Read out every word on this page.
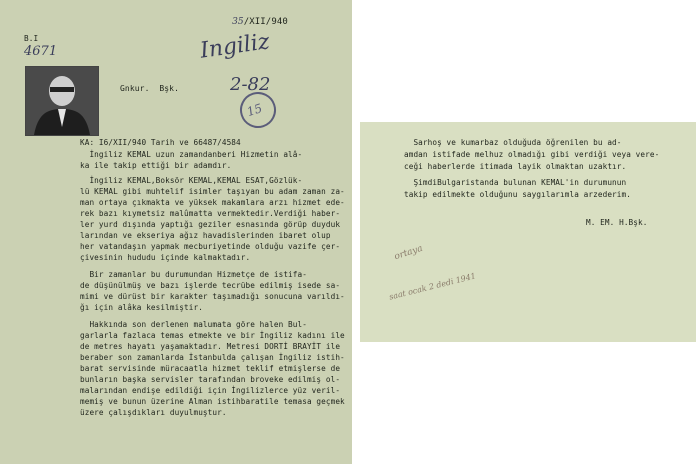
35/XII/940

B.I
4671
Gnkur.  Bşk.
Ingiliz
2-82
15
KA: I6/XII/940 Tarih ve 66487/4584
İngiliz KEMAL uzun zamandanberi Hizmetin alâ-
ka ile takip ettiği bir adamdır.
İngiliz KEMAL,Boksör KEMAL,KEMAL ESAT,Gözlük-
lü KEMAL gibi muhtelif isimler taşıyan bu adam zaman za-
man ortaya çıkmakta ve yüksek makamlara arzı hizmet ede-
rek bazı kıymetsiz malûmatta vermektedir.Verdiği haber-
ler yurd dışında yaptığı geziler esnasında görüp duyduk
larından ve ekseriya ağız havadislerinden ibaret olup
her vatandaşın yapmak mecburiyetinde olduğu vazife çer-
çivesinin hududu içinde kalmaktadır.
Bir zamanlar bu durumundan Hizmetçe de istifa-
de düşünülmüş ve bazı işlerde tecrübe edilmiş isede sa-
mimi ve dürüst bir karakter taşımadığı sonucuna varıldı-
ğı için alâka kesilmiştir.
Hakkında son derlenen malumata göre halen Bul-
garlarla fazlaca temas etmekte ve bir İngiliz kadını ile
de metres hayatı yaşamaktadır. Metresi DORTİ BRAYİT ile
beraber son zamanlarda İstanbulda çalışan İngiliz istih-
barat servisinde müracaatla hizmet teklif etmişlerse de
bunların başka servisler tarafından broveke edilmiş ol-
malarından endişe edildiği için İngilizlerce yüz veril-
memiş ve bunun üzerine Alman istihbaratile temasa geçmek
üzere çalışdıkları duyulmuştur.
Sarhoş ve kumarbaz olduğuda öğrenilen bu ad-
amdan istifade melhuz olmadığı gibi verdiği veya vere-
ceği haberlerde itimada layik olmaktan uzaktır.
ŞimdiBulgaristanda bulunan KEMAL'in durumunun
takip edilmekte olduğunu saygılarımla arzederim.
M. EM. H.Bşk.
ortaya
saat ocak 2 dedi 1941
